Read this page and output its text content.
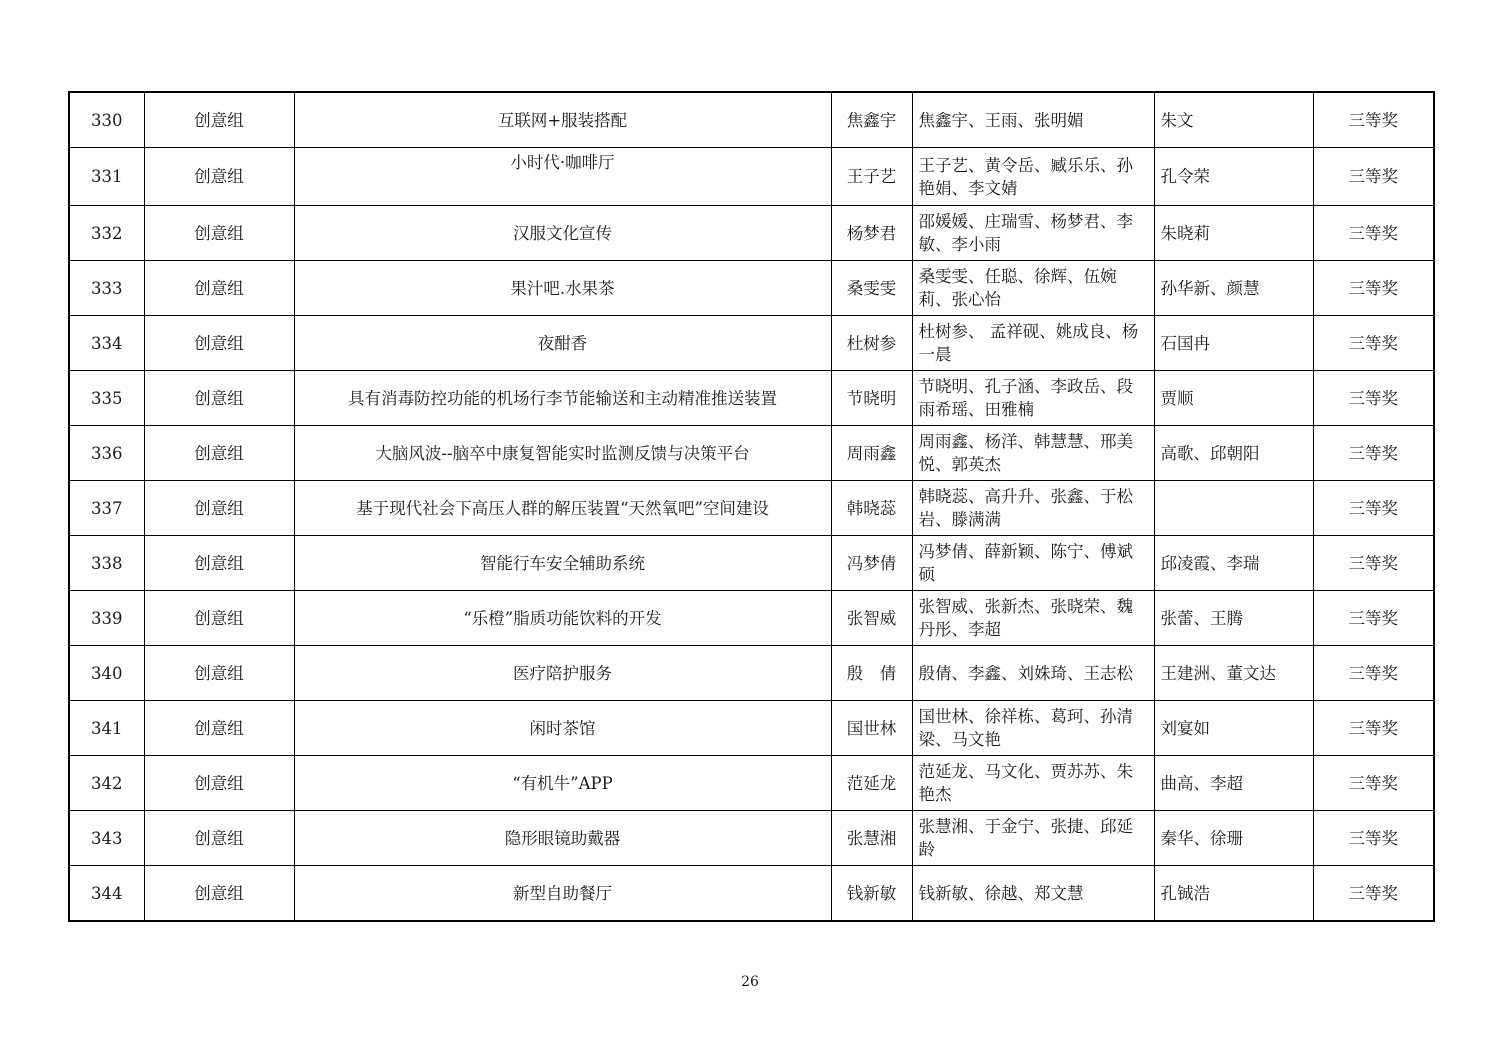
330	创意组	互联网+服装搭配	焦鑫宇	焦鑫宇、王雨、张明媚	朱文	三等奖
331	创意组	小时代·咖啡厅	王子艺	王子艺、黄令岳、臧乐乐、孙艳娟、李文婧	孔令荣	三等奖
332	创意组	汉服文化宣传	杨梦君	邵媛媛、庄瑞雪、杨梦君、李敏、李小雨	朱晓莉	三等奖
333	创意组	果汁吧.水果茶	桑雯雯	桑雯雯、任聪、徐辉、伍婉莉、张心怡	孙华新、颜慧	三等奖
334	创意组	夜酣香	杜树参	杜树参、 孟祥砚、姚成良、杨一晨	石国冉	三等奖
335	创意组	具有消毒防控功能的机场行李节能输送和主动精准推送装置	节晓明	节晓明、孔子涵、李政岳、段雨希瑶、田雅楠	贾顺	三等奖
336	创意组	大脑风波--脑卒中康复智能实时监测反馈与决策平台	周雨鑫	周雨鑫、杨洋、韩慧慧、邢美悦、郭英杰	高歌、邱朝阳	三等奖
337	创意组	基于现代社会下高压人群的解压装置“天然氧吧”空间建设	韩晓蕊	韩晓蕊、高升升、张鑫、于松岩、滕满满		三等奖
338	创意组	智能行车安全辅助系统	冯梦倩	冯梦倩、薛新颖、陈宁、傅斌硕	邱凌霞、李瑞	三等奖
339	创意组	“乐橙”脂质功能饮料的开发	张智威	张智威、张新杰、张晓荣、魏丹彤、李超	张蕾、王腾	三等奖
340	创意组	医疗陪护服务	殷　倩	殷倩、李鑫、刘姝琦、王志松	王建洲、董文达	三等奖
341	创意组	闲时茶馆	国世林	国世林、徐祥栋、葛珂、孙清梁、马文艳	刘宴如	三等奖
342	创意组	“有机牛”APP	范延龙	范延龙、马文化、贾苏苏、朱艳杰	曲高、李超	三等奖
343	创意组	隐形眼镜助戴器	张慧湘	张慧湘、于金宁、张捷、邱延龄	秦华、徐珊	三等奖
344	创意组	新型自助餐厅	钱新敏	钱新敏、徐越、郑文慧	孔铖浩	三等奖
26
